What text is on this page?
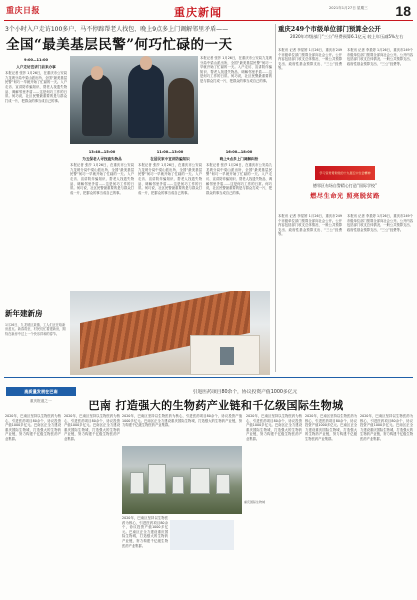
重庆日报	重庆新闻	2021年1月27日 星期三	18
3个小时入户走访100多户、马不停蹄帮老人找包、晚上9点多上门调解邻里矛盾——
全国“最美基层民警”何巧忙碌的一天
9:00—11:00
入户走访宣讲门前来办事
本报记者 张莎 1月26日，在重庆市公安局九龙坡分局中梁山派出所，全国“最美基层民警”何巧一早就开始了忙碌的一天。入户走访、宣讲防诈骗知识、帮老人找遗失物品、调解邻里矛盾……这是何巧工作的日常。何巧说，社区民警最重要的是与群众打成一片，把群众的事当成自己的事。
本报记者 张莎 1月26日，在重庆市公安局九龙坡分局中梁山派出所，全国“最美基层民警”何巧一早就开始了忙碌的一天。入户走访、宣讲防诈骗知识、帮老人找遗失物品、调解邻里矛盾……这是何巧工作的日常。何巧说，社区民警最重要的是与群众打成一片，把群众的事当成自己的事。
13:40—15:00
为五保老人寻找遗失物品
本报记者 张莎 1月26日，在重庆市公安局九龙坡分局中梁山派出所，全国“最美基层民警”何巧一早就开始了忙碌的一天。入户走访、宣讲防诈骗知识、帮老人找遗失物品、调解邻里矛盾……这是何巧工作的日常。何巧说，社区民警最重要的是与群众打成一片，把群众的事当成自己的事。
11:00—13:00
在居民家中宣讲防骗知识
本报记者 张莎 1月26日，在重庆市公安局九龙坡分局中梁山派出所，全国“最美基层民警”何巧一早就开始了忙碌的一天。入户走访、宣讲防诈骗知识、帮老人找遗失物品、调解邻里矛盾……这是何巧工作的日常。何巧说，社区民警最重要的是与群众打成一片，把群众的事当成自己的事。
16:00—18:00
晚上9点多上门调解纠纷
本报记者 张莎 1月26日，在重庆市公安局九龙坡分局中梁山派出所，全国“最美基层民警”何巧一早就开始了忙碌的一天。入户走访、宣讲防诈骗知识、帮老人找遗失物品、调解邻里矛盾……这是何巧工作的日常。何巧说，社区民警最重要的是与群众打成一片，把群众的事当成自己的事。
新年建新房
1月26日，九龙坡区某镇，工人们正在给新房盖瓦。新春将至，村民们忙着建新房，期待在新房中过上一个快乐祥和的春节。
重庆249个市级单位部门预算全公开
2020年市级部门“三公”经费预算6.1亿元 较上年压减5%左右
本报讯 记者 李星婷 1月26日，重庆市249个市级单位部门预算全部向社会公开。公开内容包括部门收支总体情况、一般公共预算支出、政府性基金预算支出、“三公”经费等。
本报讯 记者 李星婷 1月26日，重庆市249个市级单位部门预算全部向社会公开。公开内容包括部门收支总体情况、一般公共预算支出、政府性基金预算支出、“三公”经费等。
学习宣传贯彻党的十九届五中全会精神
德邻区布场自警精心打造“国际学校”
燃尽生命光 照亮脱贫路
本报讯 记者 李星婷 1月26日，重庆市249个市级单位部门预算全部向社会公开。公开内容包括部门收支总体情况、一般公共预算支出、政府性基金预算支出、“三公”经费等。
本报讯 记者 李星婷 1月26日，重庆市249个市级单位部门预算全部向社会公开。公开内容包括部门收支总体情况、一般公共预算支出、政府性基金预算支出、“三公”经费等。
高质量发展在巴南
重庆报道之一
引进医药项目80余个，协议投资产值1000多亿元
巴南 打造强大的生物药产业链和千亿级国际生物城
2020年，巴南区坚持以生物医药为核心，引进医药项目80余个，协议投资产值1000多亿元。巴南区正全力建设重庆国际生物城，打造强大的生物药产业链，努力构建千亿级生物医药产业集群。
2020年，巴南区坚持以生物医药为核心，引进医药项目80余个，协议投资产值1000多亿元。巴南区正全力建设重庆国际生物城，打造强大的生物药产业链，努力构建千亿级生物医药产业集群。
2020年，巴南区坚持以生物医药为核心，引进医药项目80余个，协议投资产值1000多亿元。巴南区正全力建设重庆国际生物城，打造强大的生物药产业链，努力构建千亿级生物医药产业集群。
重庆国际生物城
2020年，巴南区坚持以生物医药为核心，引进医药项目80余个，协议投资产值1000多亿元。巴南区正全力建设重庆国际生物城，打造强大的生物药产业链，努力构建千亿级生物医药产业集群。
2020年，巴南区坚持以生物医药为核心，引进医药项目80余个，协议投资产值1000多亿元。巴南区正全力建设重庆国际生物城，打造强大的生物药产业链，努力构建千亿级生物医药产业集群。
2020年，巴南区坚持以生物医药为核心，引进医药项目80余个，协议投资产值1000多亿元。巴南区正全力建设重庆国际生物城，打造强大的生物药产业链，努力构建千亿级生物医药产业集群。
2020年，巴南区坚持以生物医药为核心，引进医药项目80余个，协议投资产值1000多亿元。巴南区正全力建设重庆国际生物城，打造强大的生物药产业链，努力构建千亿级生物医药产业集群。
